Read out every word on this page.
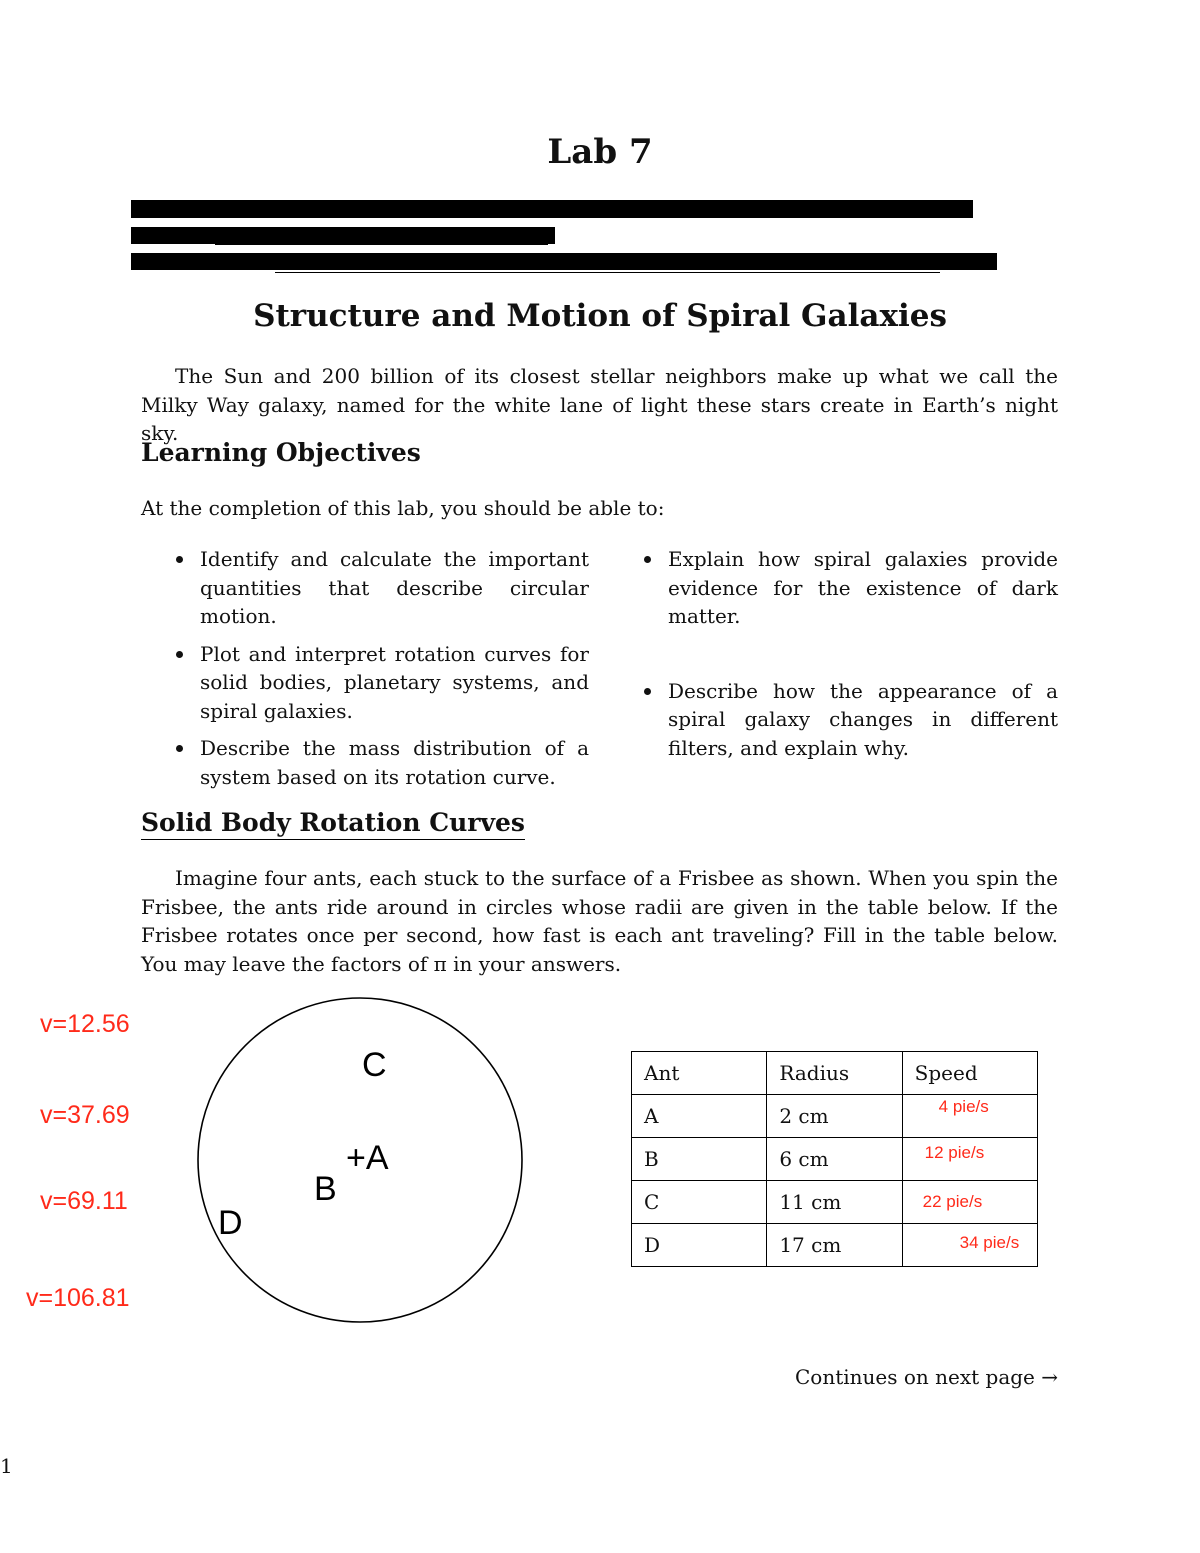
Lab 7
Structure and Motion of Spiral Galaxies
The Sun and 200 billion of its closest stellar neighbors make up what we call the Milky Way galaxy, named for the white lane of light these stars create in Earth’s night sky.
Learning Objectives
At the completion of this lab, you should be able to:
Identify and calculate the important quantities that describe circular motion.
Plot and interpret rotation curves for solid bodies, planetary systems, and spiral galaxies.
Describe the mass distribution of a system based on its rotation curve.
Explain how spiral galaxies provide evidence for the existence of dark matter.
Describe how the appearance of a spiral galaxy changes in different filters, and explain why.
Solid Body Rotation Curves
Imagine four ants, each stuck to the surface of a Frisbee as shown. When you spin the Frisbee, the ants ride around in circles whose radii are given in the table below. If the Frisbee rotates once per second, how fast is each ant traveling? Fill in the table below. You may leave the factors of π in your answers.
v=12.56
v=37.69
v=69.11
v=106.81
C
+A
B
D
Ant	Radius	Speed
A	2 cm	4 pie/s

B	6 cm	12 pie/s

C	11 cm	22 pie/s

D	17 cm	34 pie/s
Continues on next page →
1
